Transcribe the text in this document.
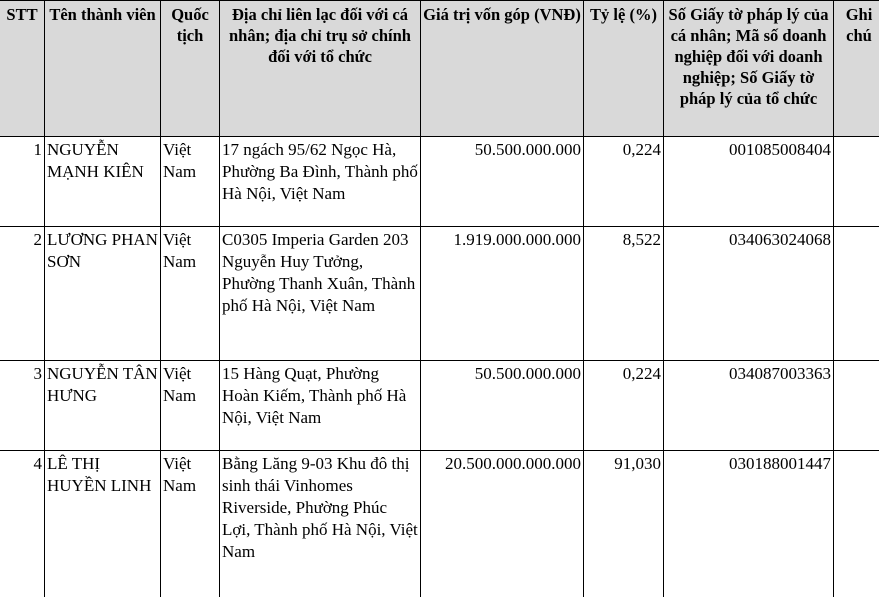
STT	Tên thành viên	Quốc tịch	Địa chỉ liên lạc đối với cá nhân; địa chỉ trụ sở chính đối với tổ chức	Giá trị vốn góp (VNĐ)	Tỷ lệ (%)	Số Giấy tờ pháp lý của cá nhân; Mã số doanh nghiệp đối với doanh nghiệp; Số Giấy tờ pháp lý của tổ chức	Ghi chú
1	NGUYỄN MẠNH KIÊN	Việt Nam	17 ngách 95/62 Ngọc Hà, Phường Ba Đình, Thành phố Hà Nội, Việt Nam	50.500.000.000	0,224	001085008404	
2	LƯƠNG PHAN SƠN	Việt Nam	C0305 Imperia Garden 203 Nguyễn Huy Tưởng, Phường Thanh Xuân, Thành phố Hà Nội, Việt Nam	1.919.000.000.000	8,522	034063024068	
3	NGUYỄN TÂN HƯNG	Việt Nam	15 Hàng Quạt, Phường Hoàn Kiếm, Thành phố Hà Nội, Việt Nam	50.500.000.000	0,224	034087003363	
4	LÊ THỊ HUYỀN LINH	Việt Nam	Bằng Lăng 9-03 Khu đô thị sinh thái Vinhomes Riverside, Phường Phúc Lợi, Thành phố Hà Nội, Việt Nam	20.500.000.000.000	91,030	030188001447	
